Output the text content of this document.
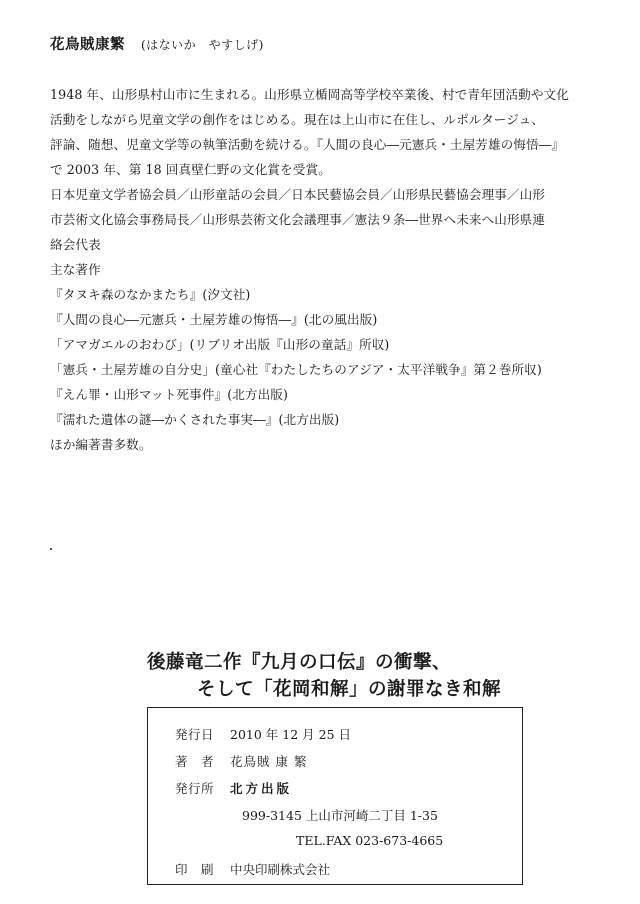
花鳥賊康繁 (はないか　やすしげ)
1948 年、山形県村山市に生まれる。山形県立楯岡高等学校卒業後、村で青年団活動や文化
活動をしながら児童文学の創作をはじめる。現在は上山市に在住し、ルポルタージュ、
評論、随想、児童文学等の執筆活動を続ける。『人間の良心―元憲兵・土屋芳雄の悔悟―』
で 2003 年、第 18 回真壁仁野の文化賞を受賞。
日本児童文学者協会員／山形童話の会員／日本民藝協会員／山形県民藝協会理事／山形
市芸術文化協会事務局長／山形県芸術文化会議理事／憲法９条―世界へ未来へ山形県連
絡会代表
主な著作
『タヌキ森のなかまたち』(汐文社)
『人間の良心―元憲兵・土屋芳雄の悔悟―』(北の風出版)
「アマガエルのおわび」(リブリオ出版『山形の童話』所収)
「憲兵・土屋芳雄の自分史」(童心社『わたしたちのアジア・太平洋戦争』第２巻所収)
『えん罪・山形マット死事件』(北方出版)
『濡れた遺体の謎―かくされた事実―』(北方出版)
ほか編著書多数。
後藤竜二作『九月の口伝』の衝撃、
そして「花岡和解」の謝罪なき和解
発行日 2010 年 12 月 25 日
著　者 花鳥賊 康 繁
発行所 北方出版
999-3145 上山市河崎二丁目 1-35
TEL.FAX 023-673-4665
印　刷 中央印刷株式会社
